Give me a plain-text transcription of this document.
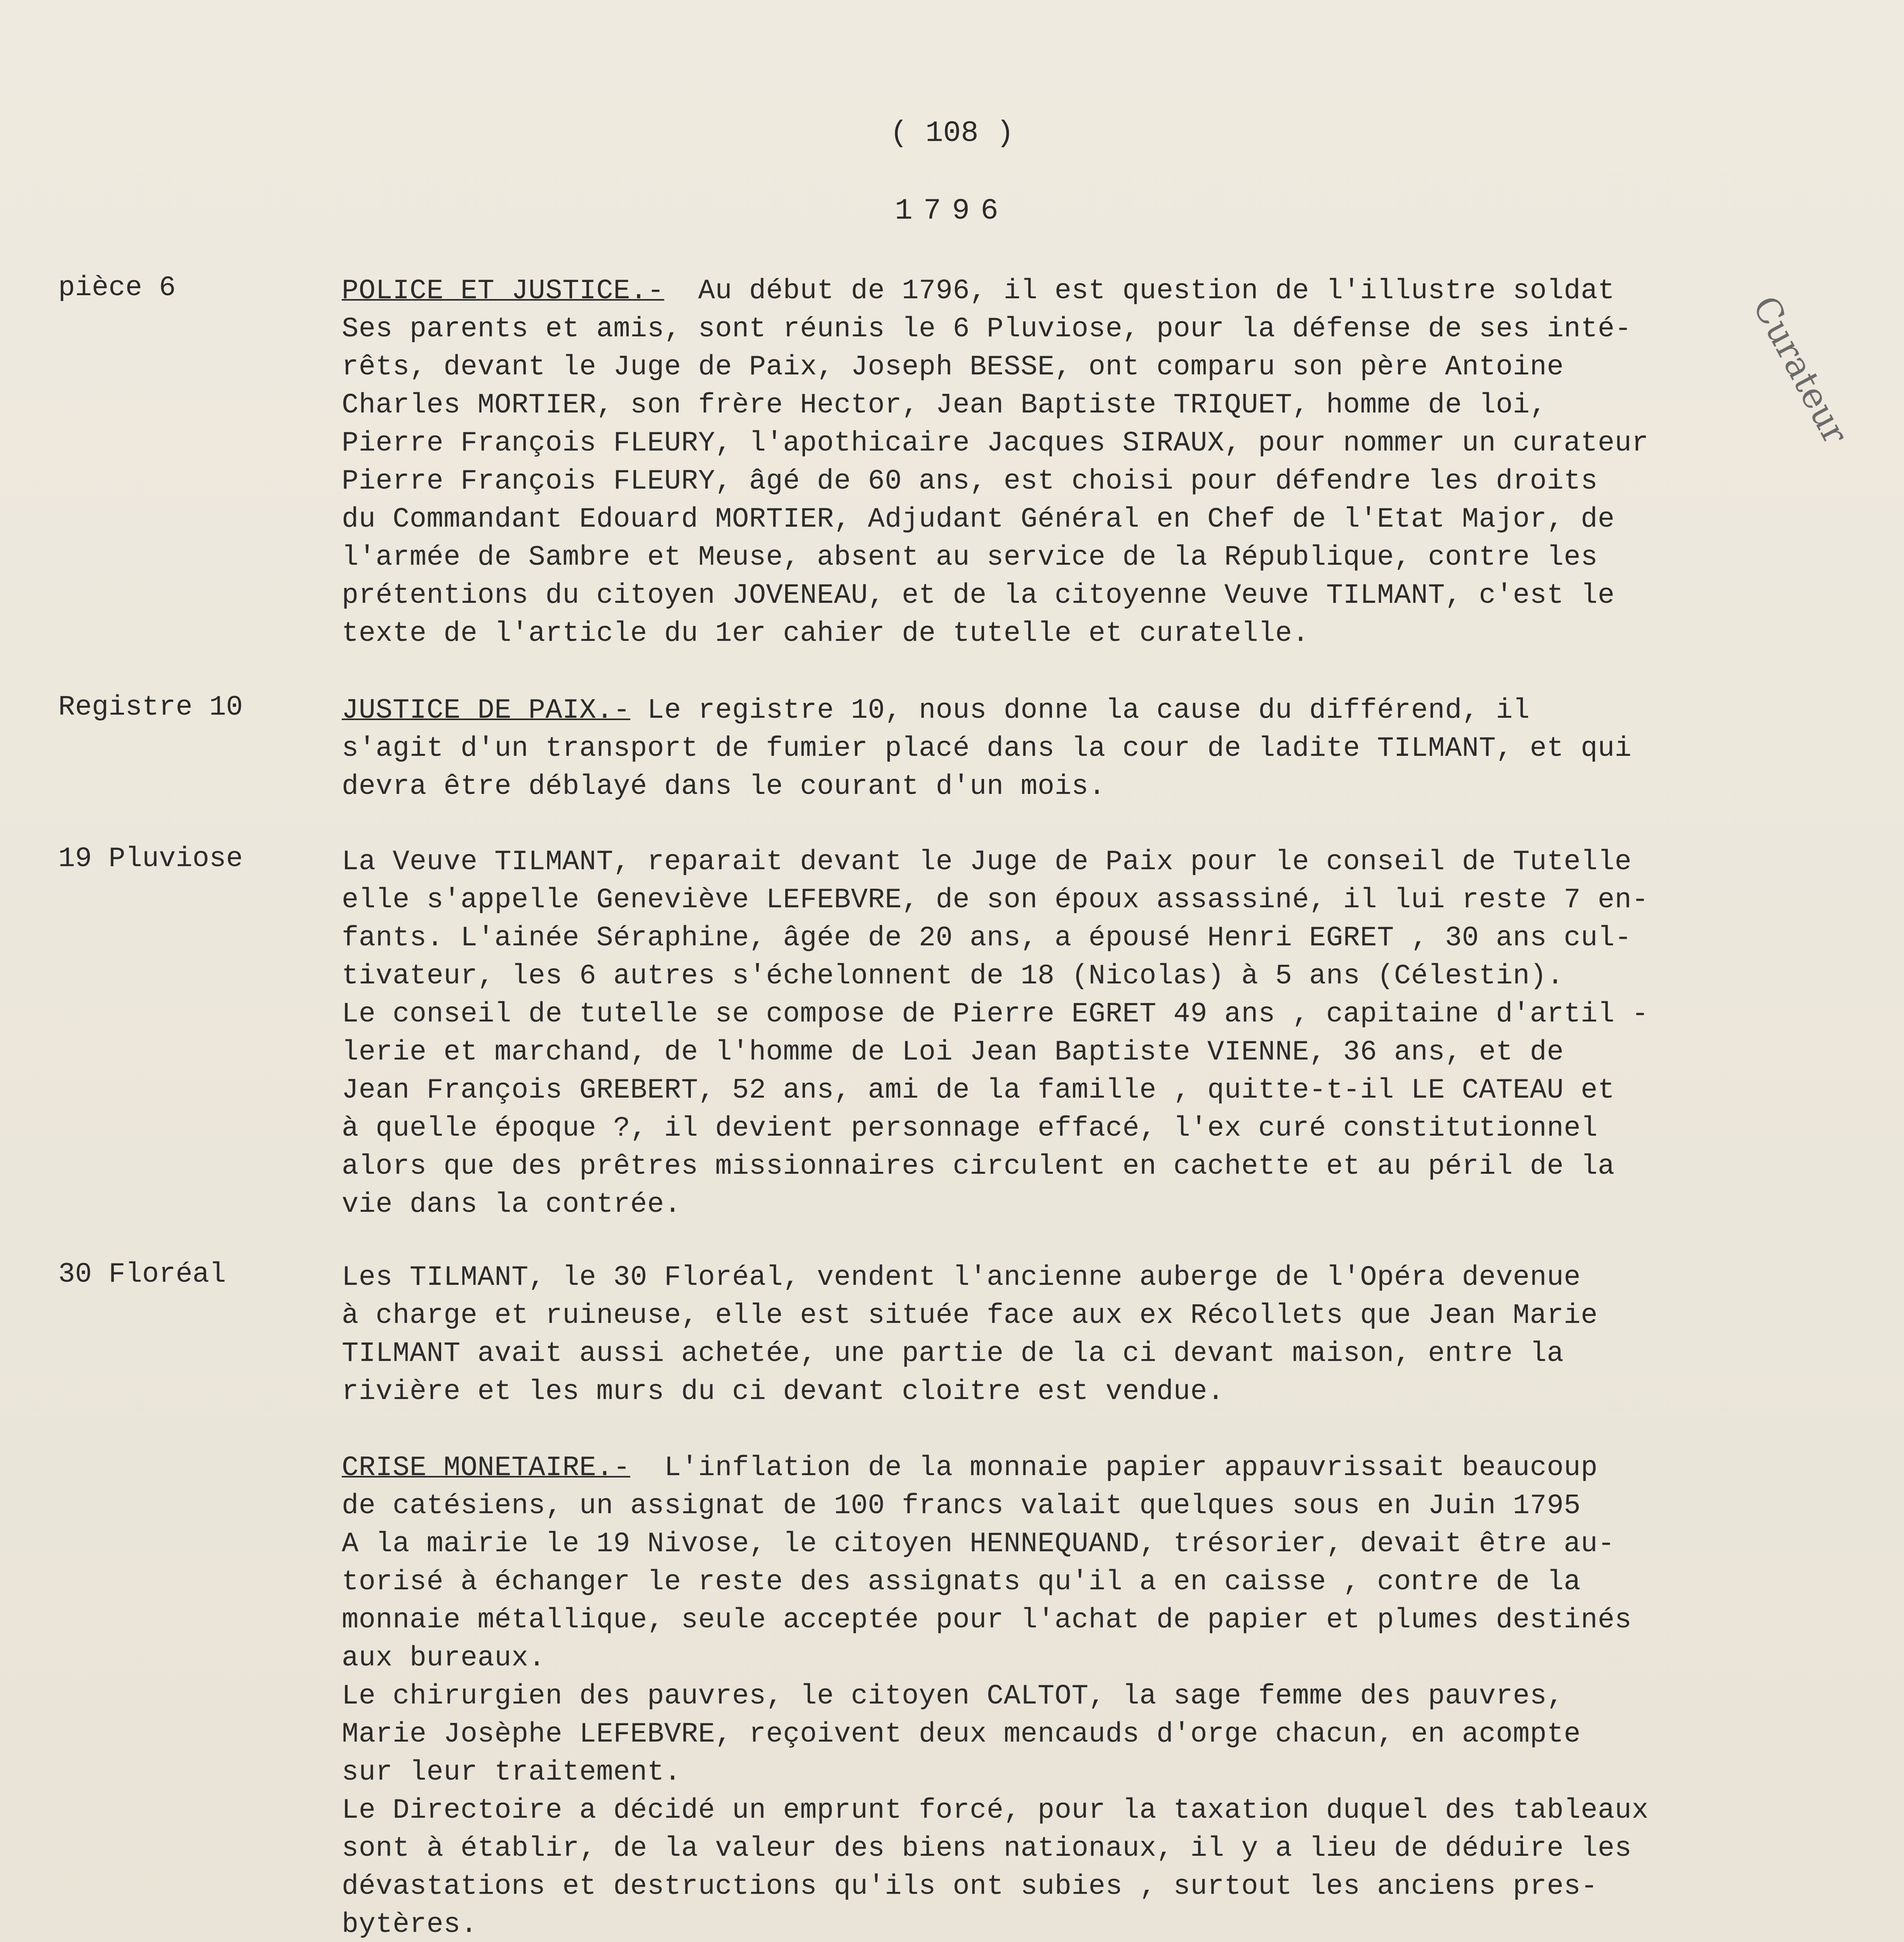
( 108 )
1796
Curateur
pièce 6	POLICE ET JUSTICE.- Au début de 1796, il est question de l'illustre soldat
Ses parents et amis, sont réunis le 6 Pluviose, pour la défense de ses inté-
rêts, devant le Juge de Paix, Joseph BESSE, ont comparu son père Antoine
Charles MORTIER, son frère Hector, Jean Baptiste TRIQUET, homme de loi,
Pierre François FLEURY, l'apothicaire Jacques SIRAUX, pour nommer un curateur
Pierre François FLEURY, âgé de 60 ans, est choisi pour défendre les droits
du Commandant Edouard MORTIER, Adjudant Général en Chef de l'Etat Major, de
l'armée de Sambre et Meuse, absent au service de la République, contre les
prétentions du citoyen JOVENEAU, et de la citoyenne Veuve TILMANT, c'est le
texte de l'article du 1er cahier de tutelle et curatelle.
Registre 10	JUSTICE DE PAIX.- Le registre 10, nous donne la cause du différend, il
s'agit d'un transport de fumier placé dans la cour de ladite TILMANT, et qui
devra être déblayé dans le courant d'un mois.
19 Pluviose	La Veuve TILMANT, reparait devant le Juge de Paix pour le conseil de Tutelle
elle s'appelle Geneviève LEFEBVRE, de son époux assassiné, il lui reste 7 en-
fants. L'ainée Séraphine, âgée de 20 ans, a épousé Henri EGRET , 30 ans cul-
tivateur, les 6 autres s'échelonnent de 18 (Nicolas) à 5 ans (Célestin).
Le conseil de tutelle se compose de Pierre EGRET 49 ans , capitaine d'artil -
lerie et marchand, de l'homme de Loi Jean Baptiste VIENNE, 36 ans, et de
Jean François GREBERT, 52 ans, ami de la famille , quitte-t-il LE CATEAU et
à quelle époque ?, il devient personnage effacé, l'ex curé constitutionnel
alors que des prêtres missionnaires circulent en cachette et au péril de la
vie dans la contrée.
30 Floréal	Les TILMANT, le 30 Floréal, vendent l'ancienne auberge de l'Opéra devenue
à charge et ruineuse, elle est située face aux ex Récollets que Jean Marie
TILMANT avait aussi achetée, une partie de la ci devant maison, entre la
rivière et les murs du ci devant cloitre est vendue.
CRISE MONETAIRE.- L'inflation de la monnaie papier appauvrissait beaucoup
de catésiens, un assignat de 100 francs valait quelques sous en Juin 1795
A la mairie le 19 Nivose, le citoyen HENNEQUAND, trésorier, devait être au-
torisé à échanger le reste des assignats qu'il a en caisse , contre de la
monnaie métallique, seule acceptée pour l'achat de papier et plumes destinés
aux bureaux.
Le chirurgien des pauvres, le citoyen CALTOT, la sage femme des pauvres,
Marie Josèphe LEFEBVRE, reçoivent deux mencauds d'orge chacun, en acompte
sur leur traitement.
Le Directoire a décidé un emprunt forcé, pour la taxation duquel des tableaux
sont à établir, de la valeur des biens nationaux, il y a lieu de déduire les
dévastations et destructions qu'ils ont subies , surtout les anciens pres-
bytères.
